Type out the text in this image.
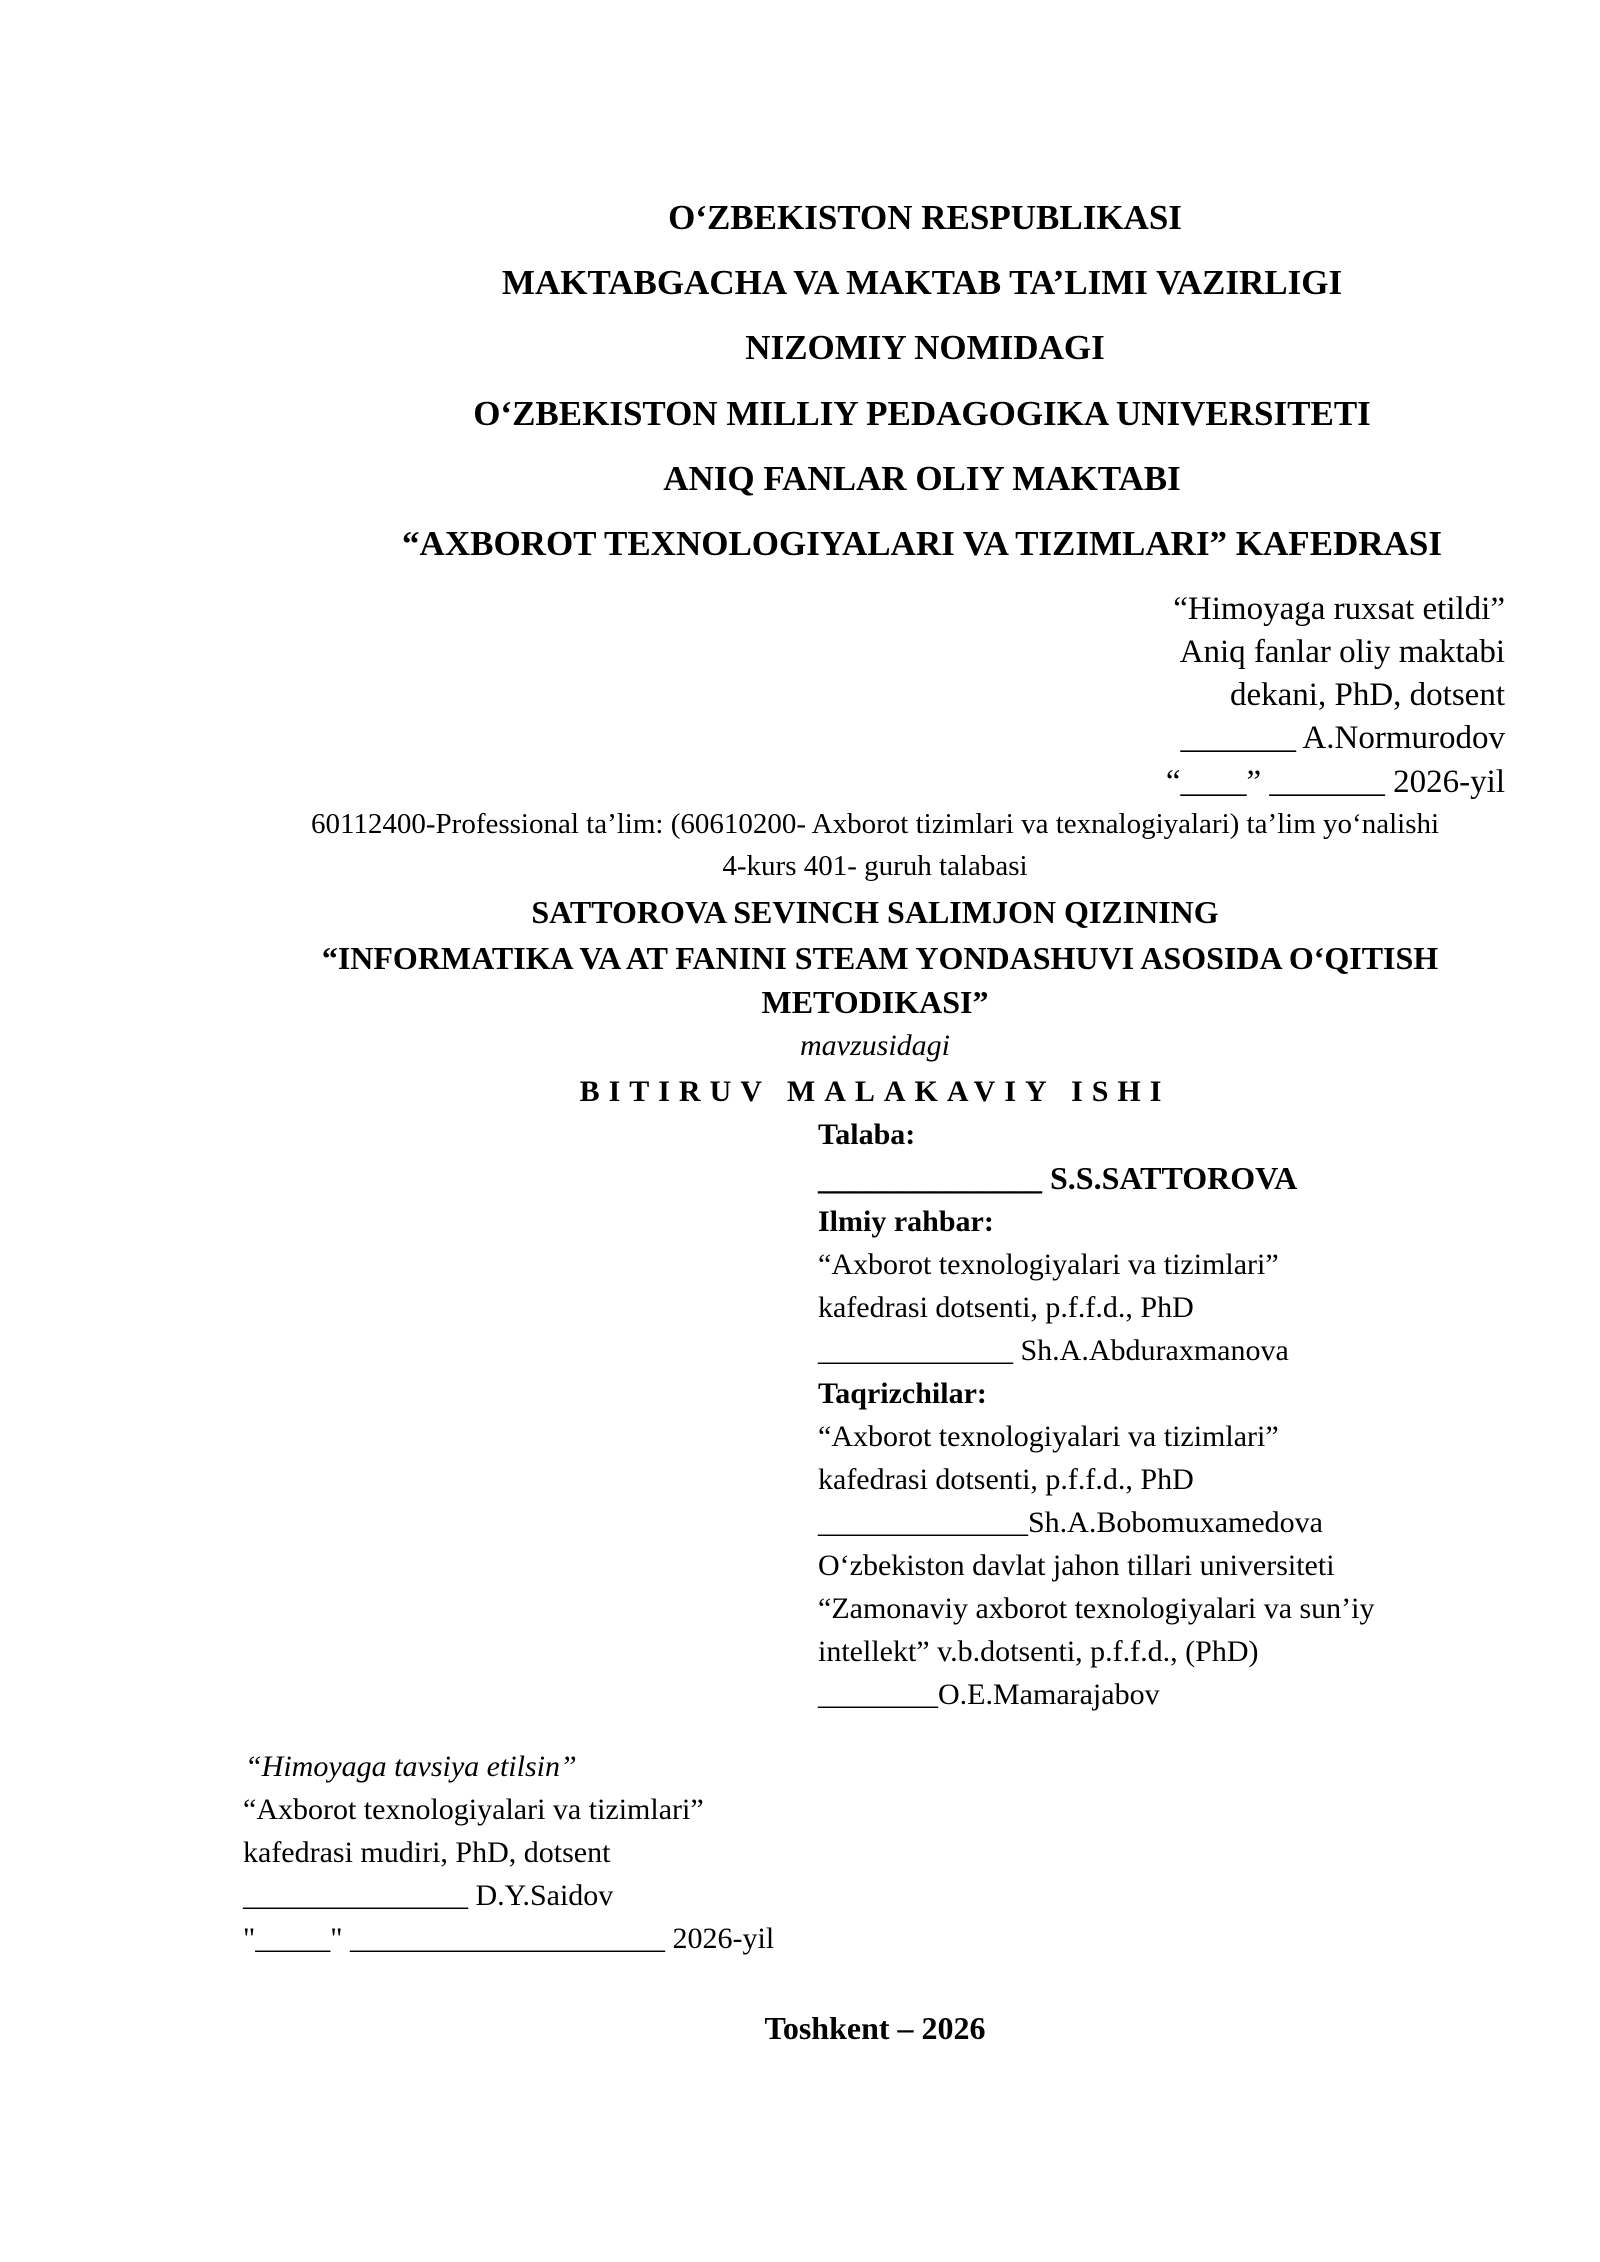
O‘ZBEKISTON RESPUBLIKASI
MAKTABGACHA VA MAKTAB TA’LIMI VAZIRLIGI
NIZOMIY NOMIDAGI
O‘ZBEKISTON MILLIY PEDAGOGIKA UNIVERSITETI
ANIQ FANLAR OLIY MAKTABI
“AXBOROT TEXNOLOGIYALARI VA TIZIMLARI” KAFEDRASI
“Himoyaga ruxsat etildi”
Aniq fanlar oliy maktabi
dekani, PhD, dotsent
_______ A.Normurodov
“____” _______ 2026-yil
60112400-Professional ta’lim: (60610200- Axborot tizimlari va texnalogiyalari) ta’lim yo‘nalishi
4-kurs 401- guruh talabasi
SATTOROVA SEVINCH SALIMJON QIZINING
“INFORMATIKA VA AT FANINI STEAM YONDASHUVI ASOSIDA O‘QITISH
METODIKASI”
mavzusidagi
BITIRUV MALAKAVIY ISHI
Talaba:
______________ S.S.SATTOROVA
Ilmiy rahbar:
“Axborot texnologiyalari va tizimlari”
kafedrasi dotsenti, p.f.f.d., PhD
_____________ Sh.A.Abduraxmanova
Taqrizchilar:
“Axborot texnologiyalari va tizimlari”
kafedrasi dotsenti, p.f.f.d., PhD
______________Sh.A.Bobomuxamedova
O‘zbekiston davlat jahon tillari universiteti
“Zamonaviy axborot texnologiyalari va sun’iy
intellekt” v.b.dotsenti, p.f.f.d., (PhD)
________O.E.Mamarajabov
“Himoyaga tavsiya etilsin”
“Axborot texnologiyalari va tizimlari”
kafedrasi mudiri, PhD, dotsent
_______________ D.Y.Saidov
"_____" _____________________ 2026-yil
Toshkent – 2026
